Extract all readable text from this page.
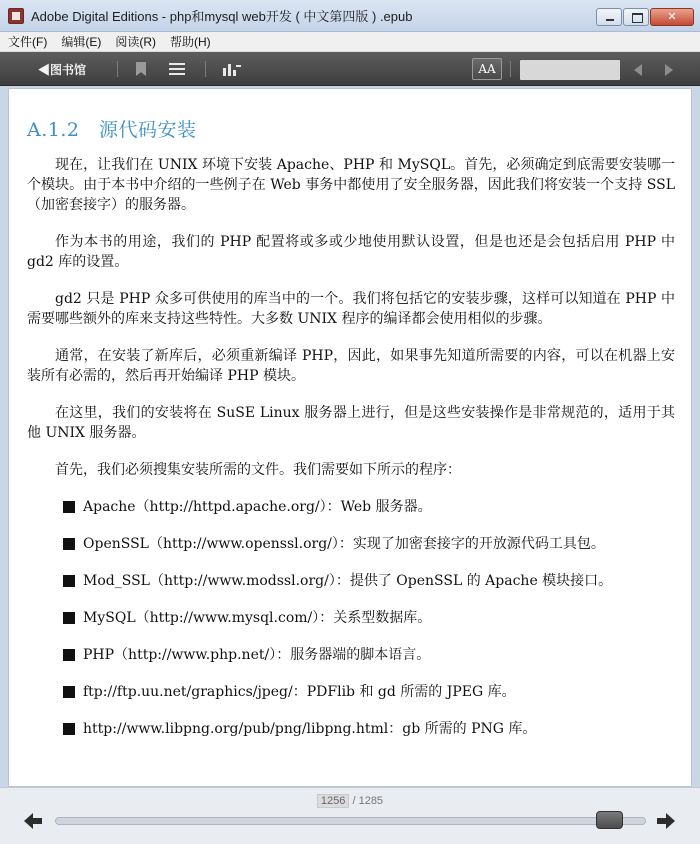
Adobe Digital Editions - php和mysql web开发 ( 中文第四版 ) .epub
✕
文件(F) 编辑(E) 阅读(R) 帮助(H)
◀图书馆	AA
A.1.2　源代码安装

现在，让我们在 UNIX 环境下安装 Apache、PHP 和 MySQL。首先，必须确定到底需要安装哪一个模块。由于本书中介绍的一些例子在 Web 事务中都使用了安全服务器，因此我们将安装一个支持 SSL（加密套接字）的服务器。

作为本书的用途，我们的 PHP 配置将或多或少地使用默认设置，但是也还是会包括启用 PHP 中 gd2 库的设置。

gd2 只是 PHP 众多可供使用的库当中的一个。我们将包括它的安装步骤，这样可以知道在 PHP 中需要哪些额外的库来支持这些特性。大多数 UNIX 程序的编译都会使用相似的步骤。

通常，在安装了新库后，必须重新编译 PHP，因此，如果事先知道所需要的内容，可以在机器上安装所有必需的，然后再开始编译 PHP 模块。

在这里，我们的安装将在 SuSE Linux 服务器上进行，但是这些安装操作是非常规范的，适用于其他 UNIX 服务器。

首先，我们必须搜集安装所需的文件。我们需要如下所示的程序：

Apache（http://httpd.apache.org/）：Web 服务器。
OpenSSL（http://www.openssl.org/）：实现了加密套接字的开放源代码工具包。
Mod_SSL（http://www.modssl.org/）：提供了 OpenSSL 的 Apache 模块接口。
MySQL（http://www.mysql.com/）：关系型数据库。
PHP（http://www.php.net/）：服务器端的脚本语言。
ftp://ftp.uu.net/graphics/jpeg/：PDFlib 和 gd 所需的 JPEG 库。
http://www.libpng.org/pub/png/libpng.html：gb 所需的 PNG 库。
1256 / 1285
